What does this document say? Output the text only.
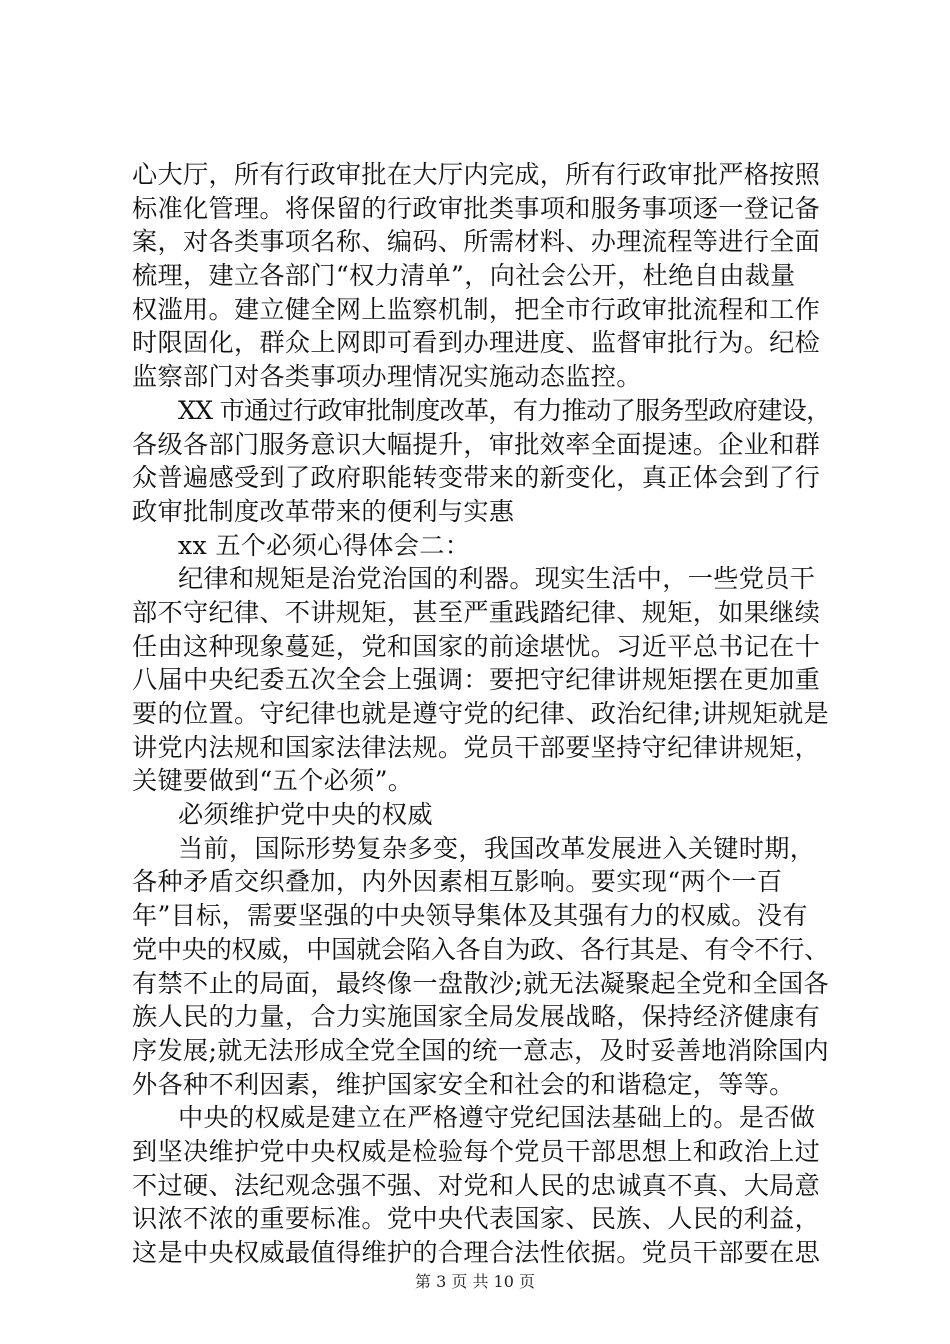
心大厅，所有行政审批在大厅内完成，所有行政审批严格按照
标准化管理。将保留的行政审批类事项和服务事项逐一登记备
案，对各类事项名称、编码、所需材料、办理流程等进行全面
梳理，建立各部门“权力清单”，向社会公开，杜绝自由裁量
权滥用。建立健全网上监察机制，把全市行政审批流程和工作
时限固化，群众上网即可看到办理进度、监督审批行为。纪检
监察部门对各类事项办理情况实施动态监控。
XX 市通过行政审批制度改革，有力推动了服务型政府建设，
各级各部门服务意识大幅提升，审批效率全面提速。企业和群
众普遍感受到了政府职能转变带来的新变化，真正体会到了行
政审批制度改革带来的便利与实惠
xx 五个必须心得体会二：
纪律和规矩是治党治国的利器。现实生活中，一些党员干
部不守纪律、不讲规矩，甚至严重践踏纪律、规矩，如果继续
任由这种现象蔓延，党和国家的前途堪忧。习近平总书记在十
八届中央纪委五次全会上强调：要把守纪律讲规矩摆在更加重
要的位置。守纪律也就是遵守党的纪律、政治纪律;讲规矩就是
讲党内法规和国家法律法规。党员干部要坚持守纪律讲规矩，
关键要做到“五个必须”。
必须维护党中央的权威
当前，国际形势复杂多变，我国改革发展进入关键时期，
各种矛盾交织叠加，内外因素相互影响。要实现“两个一百
年”目标，需要坚强的中央领导集体及其强有力的权威。没有
党中央的权威，中国就会陷入各自为政、各行其是、有令不行、
有禁不止的局面，最终像一盘散沙;就无法凝聚起全党和全国各
族人民的力量，合力实施国家全局发展战略，保持经济健康有
序发展;就无法形成全党全国的统一意志，及时妥善地消除国内
外各种不利因素，维护国家安全和社会的和谐稳定，等等。
中央的权威是建立在严格遵守党纪国法基础上的。是否做
到坚决维护党中央权威是检验每个党员干部思想上和政治上过
不过硬、法纪观念强不强、对党和人民的忠诚真不真、大局意
识浓不浓的重要标准。党中央代表国家、民族、人民的利益，
这是中央权威最值得维护的合理合法性依据。党员干部要在思
第 3 页 共 10 页
